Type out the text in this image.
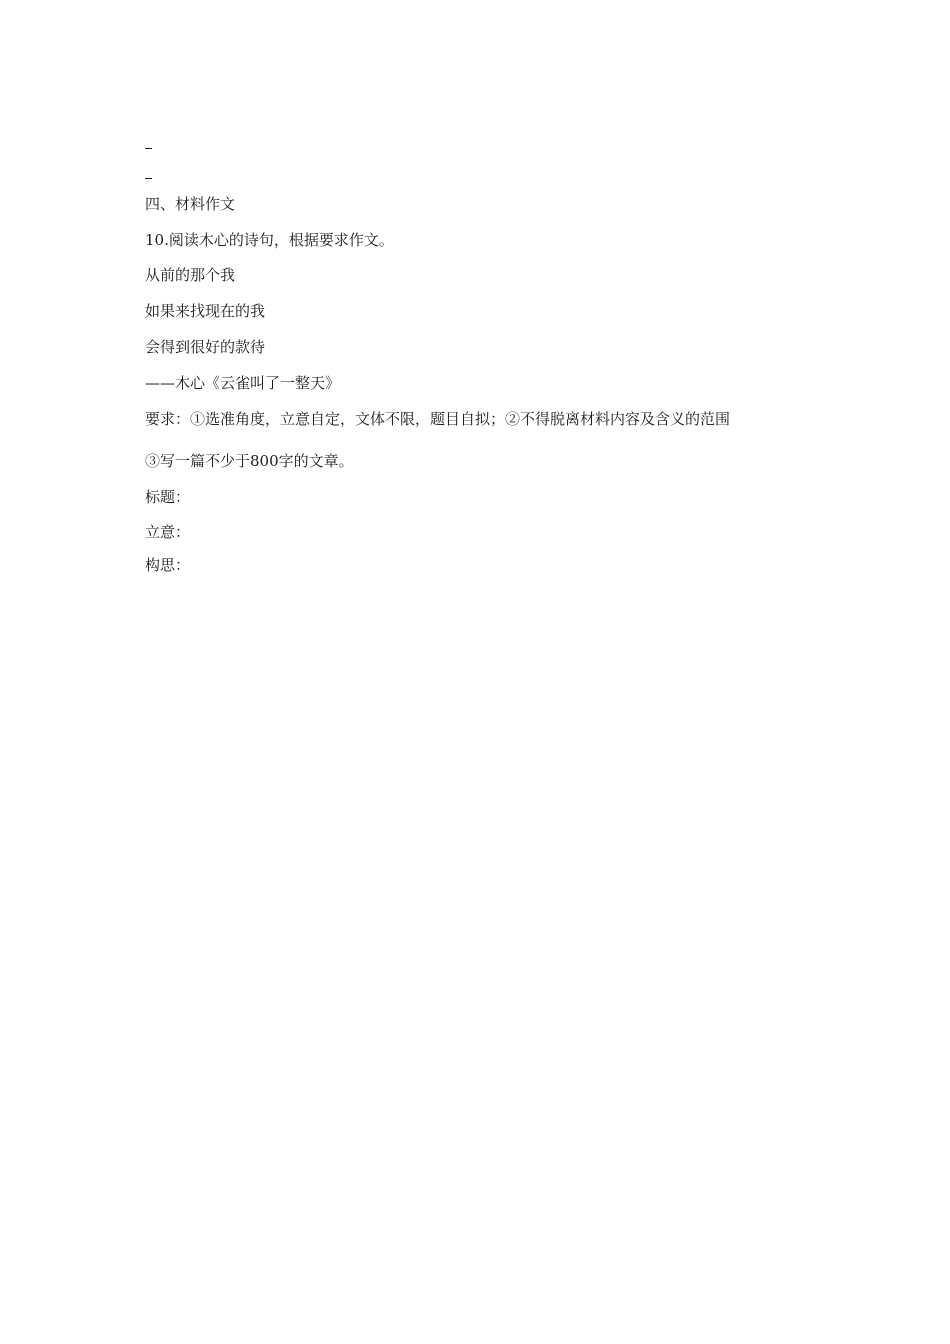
四、材料作文
10.阅读木心的诗句，根据要求作文。
从前的那个我
如果来找现在的我
会得到很好的款待
——木心《云雀叫了一整天》
要求：①选准角度，立意自定，文体不限，题目自拟；②不得脱离材料内容及含义的范围
③写一篇不少于800字的文章。
标题：
立意：
构思：
